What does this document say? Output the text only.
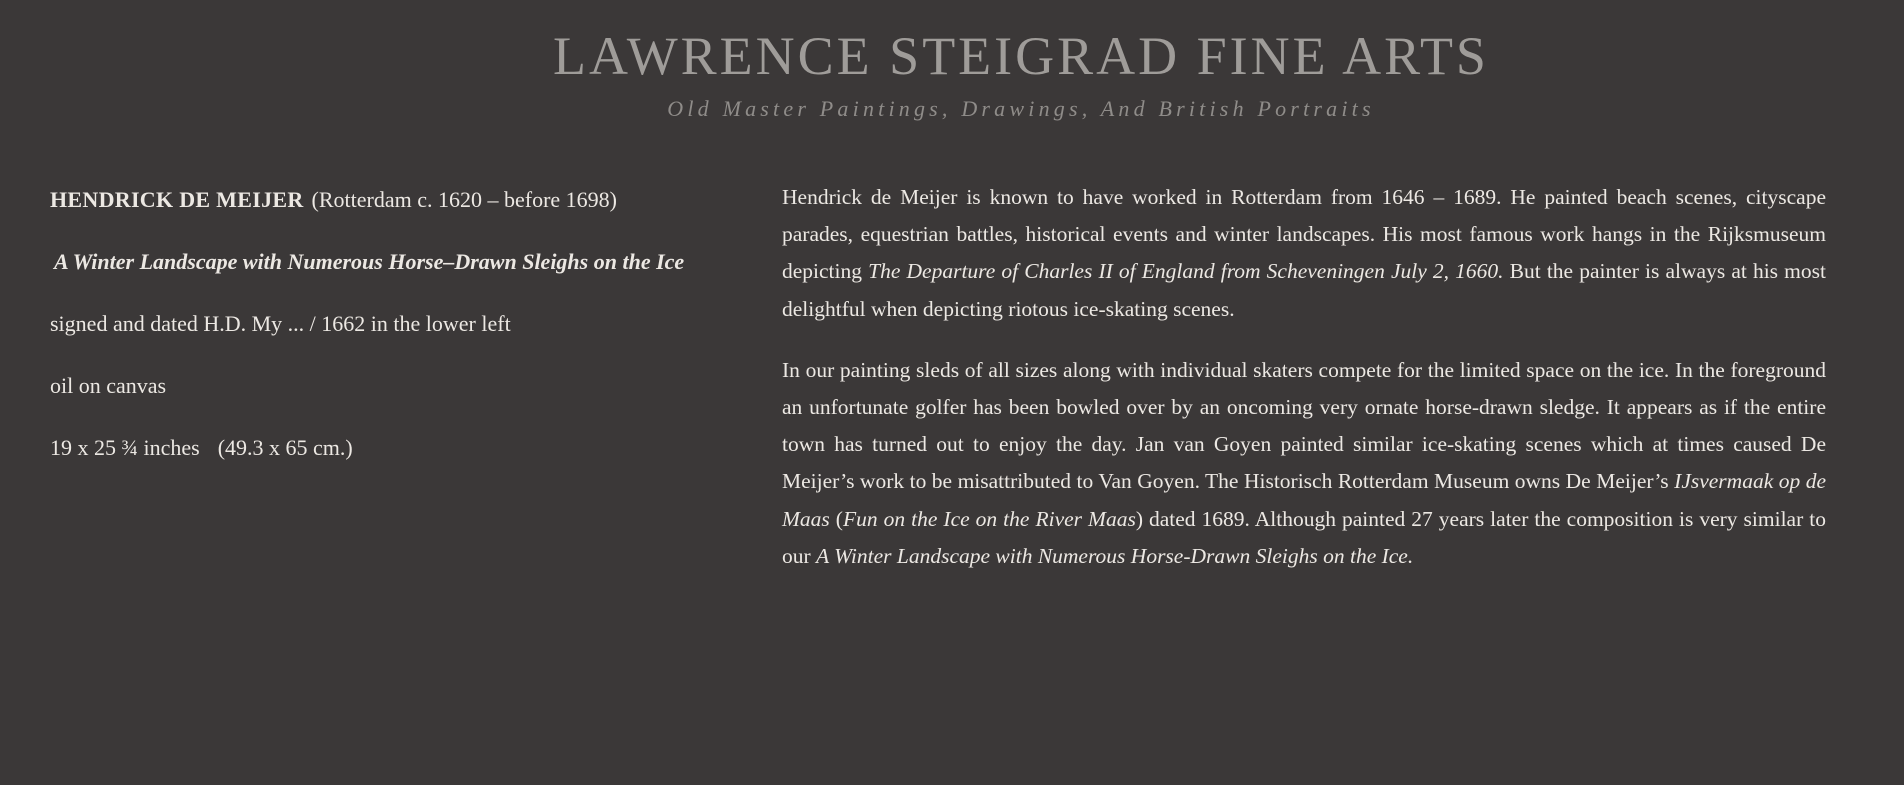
LAWRENCE STEIGRAD FINE ARTS
Old Master Paintings, Drawings, And British Portraits

HENDRICK DE MEIJER (Rotterdam c. 1620 – before 1698)

A Winter Landscape with Numerous Horse–Drawn Sleighs on the Ice

signed and dated H.D. My ... / 1662 in the lower left

oil on canvas

19 x 25 ¾ inches (49.3 x 65 cm.)

Hendrick de Meijer is known to have worked in Rotterdam from 1646 – 1689. He painted beach scenes, cityscape parades, equestrian battles, historical events and winter landscapes. His most famous work hangs in the Rijksmuseum depicting The Departure of Charles II of England from Scheveningen July 2, 1660. But the painter is always at his most delightful when depicting riotous ice-skating scenes.

In our painting sleds of all sizes along with individual skaters compete for the limited space on the ice. In the foreground an unfortunate golfer has been bowled over by an oncoming very ornate horse-drawn sledge. It appears as if the entire town has turned out to enjoy the day. Jan van Goyen painted similar ice-skating scenes which at times caused De Meijer’s work to be misattributed to Van Goyen. The Historisch Rotterdam Museum owns De Meijer’s IJsvermaak op de Maas (Fun on the Ice on the River Maas) dated 1689. Although painted 27 years later the composition is very similar to our A Winter Landscape with Numerous Horse-Drawn Sleighs on the Ice.
